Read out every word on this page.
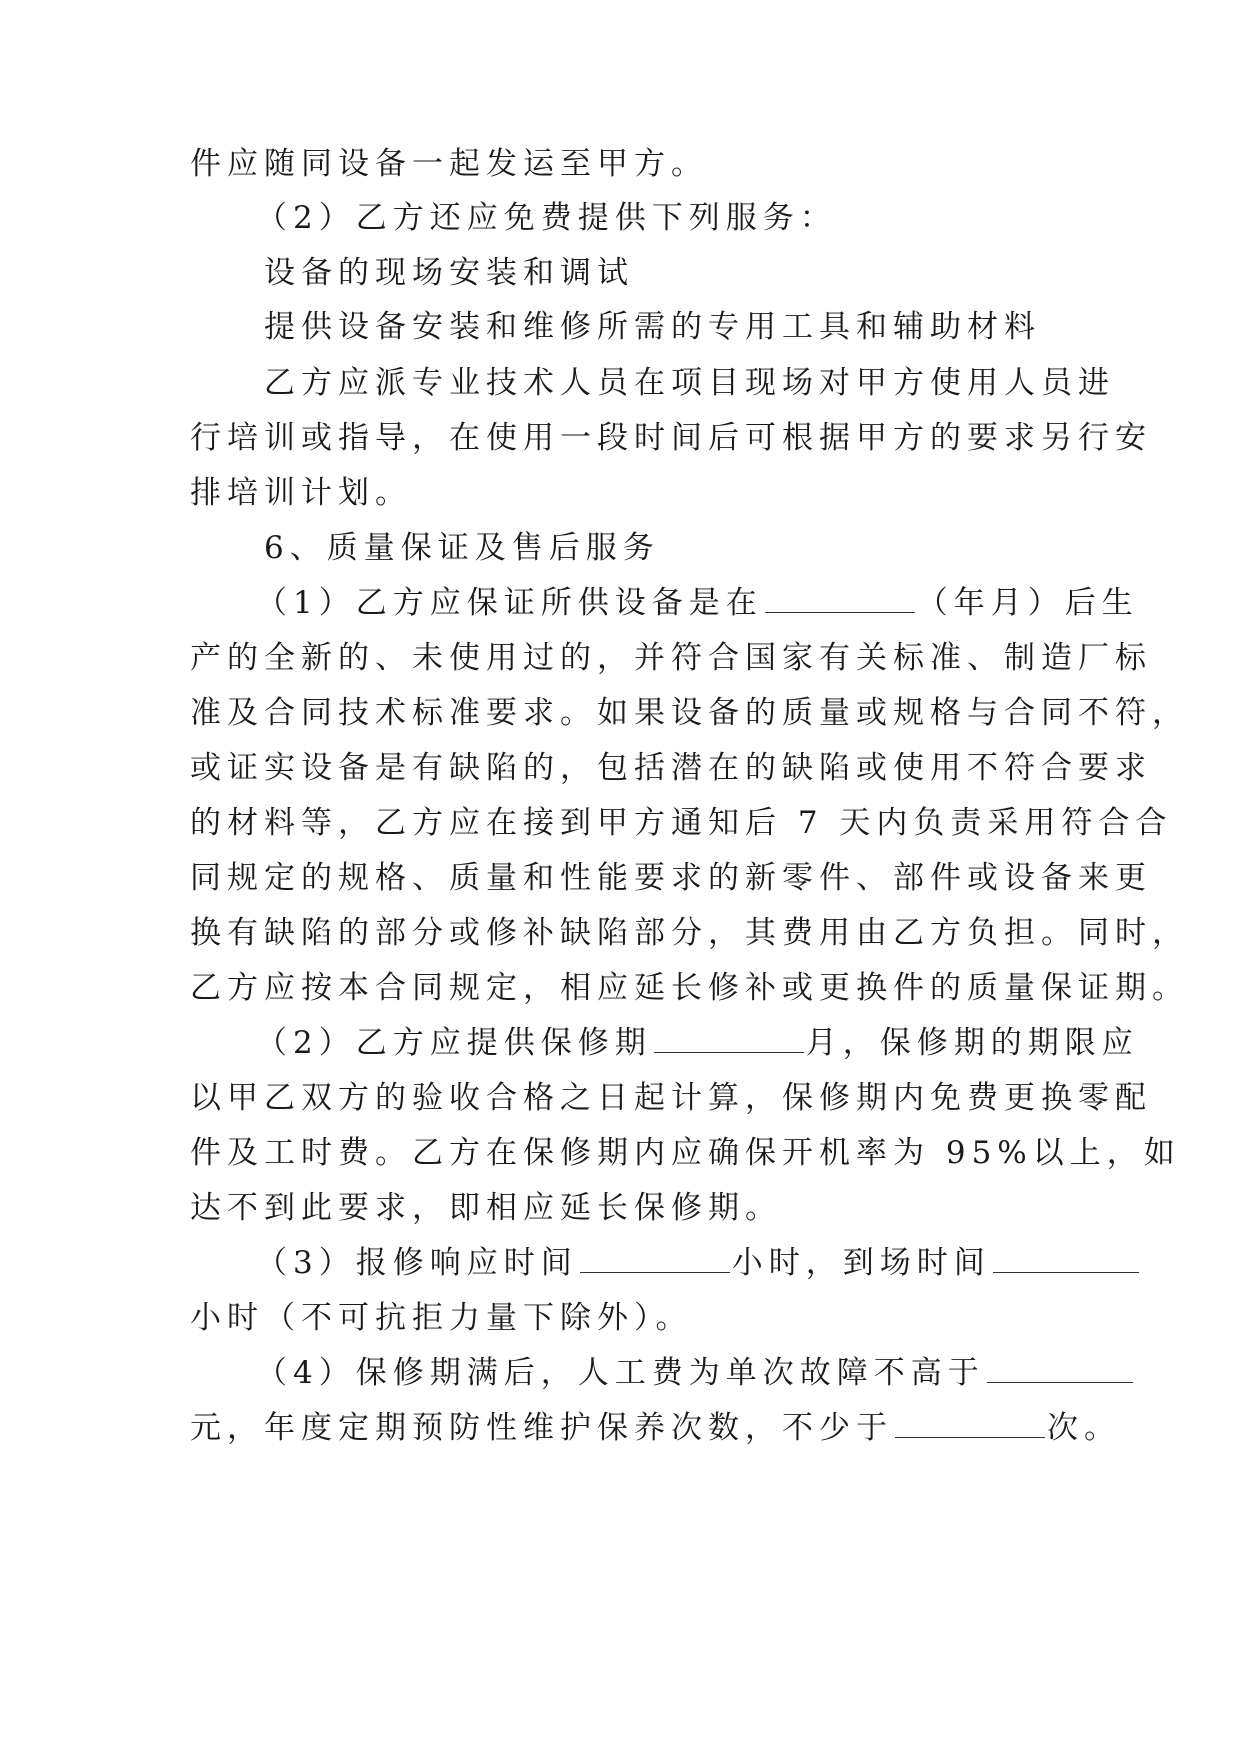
件应随同设备一起发运至甲方。
（2）乙方还应免费提供下列服务：
设备的现场安装和调试
提供设备安装和维修所需的专用工具和辅助材料
乙方应派专业技术人员在项目现场对甲方使用人员进
行培训或指导，在使用一段时间后可根据甲方的要求另行安
排培训计划。
6、质量保证及售后服务
（1）乙方应保证所供设备是在	（年月）后生
产的全新的、未使用过的，并符合国家有关标准、制造厂标
准及合同技术标准要求。如果设备的质量或规格与合同不符，
或证实设备是有缺陷的，包括潜在的缺陷或使用不符合要求
的材料等，乙方应在接到甲方通知后 7 天内负责采用符合合
同规定的规格、质量和性能要求的新零件、部件或设备来更
换有缺陷的部分或修补缺陷部分，其费用由乙方负担。同时，
乙方应按本合同规定，相应延长修补或更换件的质量保证期。
（2）乙方应提供保修期	月，保修期的期限应
以甲乙双方的验收合格之日起计算，保修期内免费更换零配
件及工时费。乙方在保修期内应确保开机率为 95%以上，如
达不到此要求，即相应延长保修期。
（3）报修响应时间	小时，到场时间
小时（不可抗拒力量下除外）。
（4）保修期满后，人工费为单次故障不高于
元，年度定期预防性维护保养次数，不少于	次。
